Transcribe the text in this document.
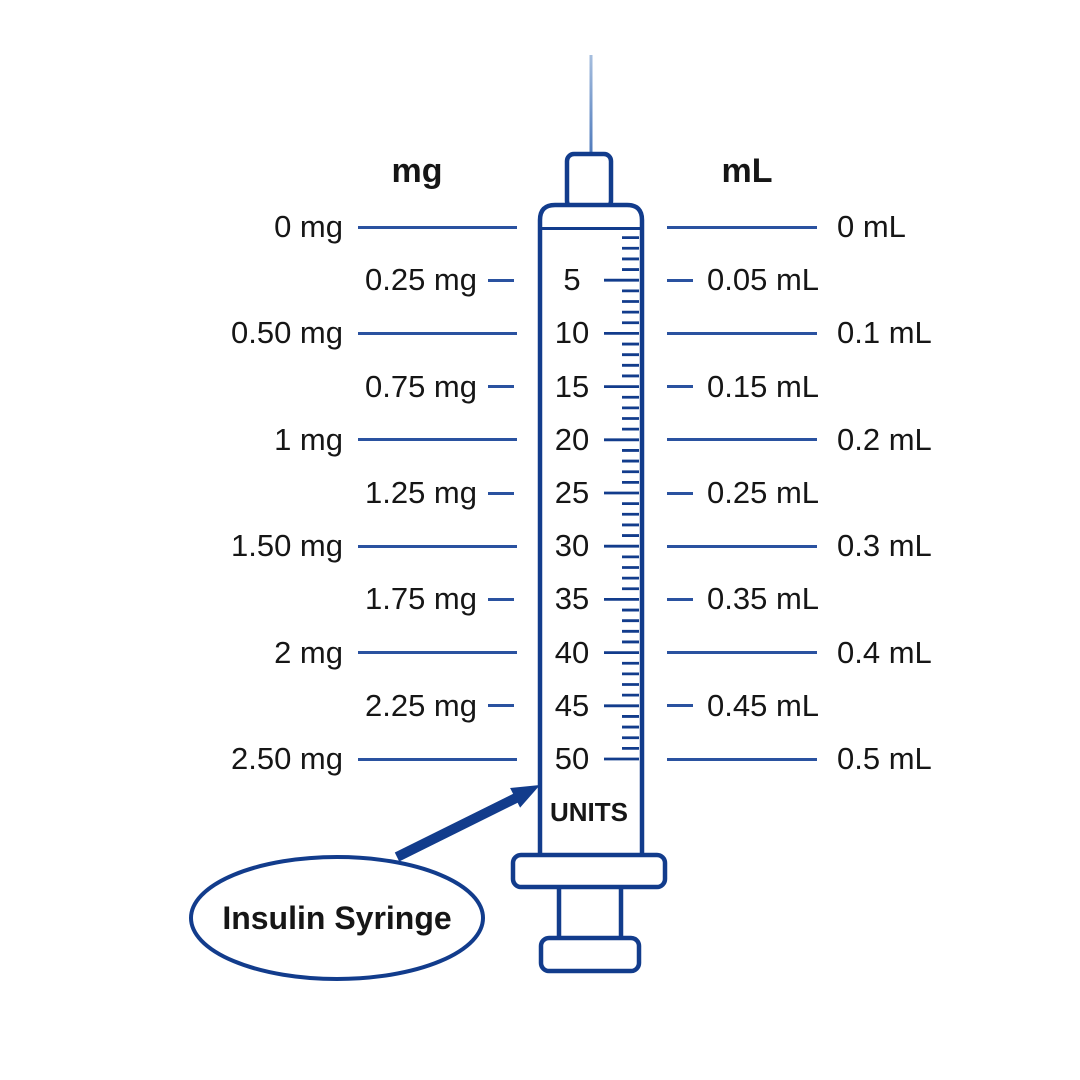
UNITS
Insulin Syringe
mg	mL
0 mg	0 mL
0.25 mg	5	0.05 mL
0.50 mg	10	0.1 mL
0.75 mg	15	0.15 mL
1 mg	20	0.2 mL
1.25 mg	25	0.25 mL
1.50 mg	30	0.3 mL
1.75 mg	35	0.35 mL
2 mg	40	0.4 mL
2.25 mg	45	0.45 mL
2.50 mg	50	0.5 mL
